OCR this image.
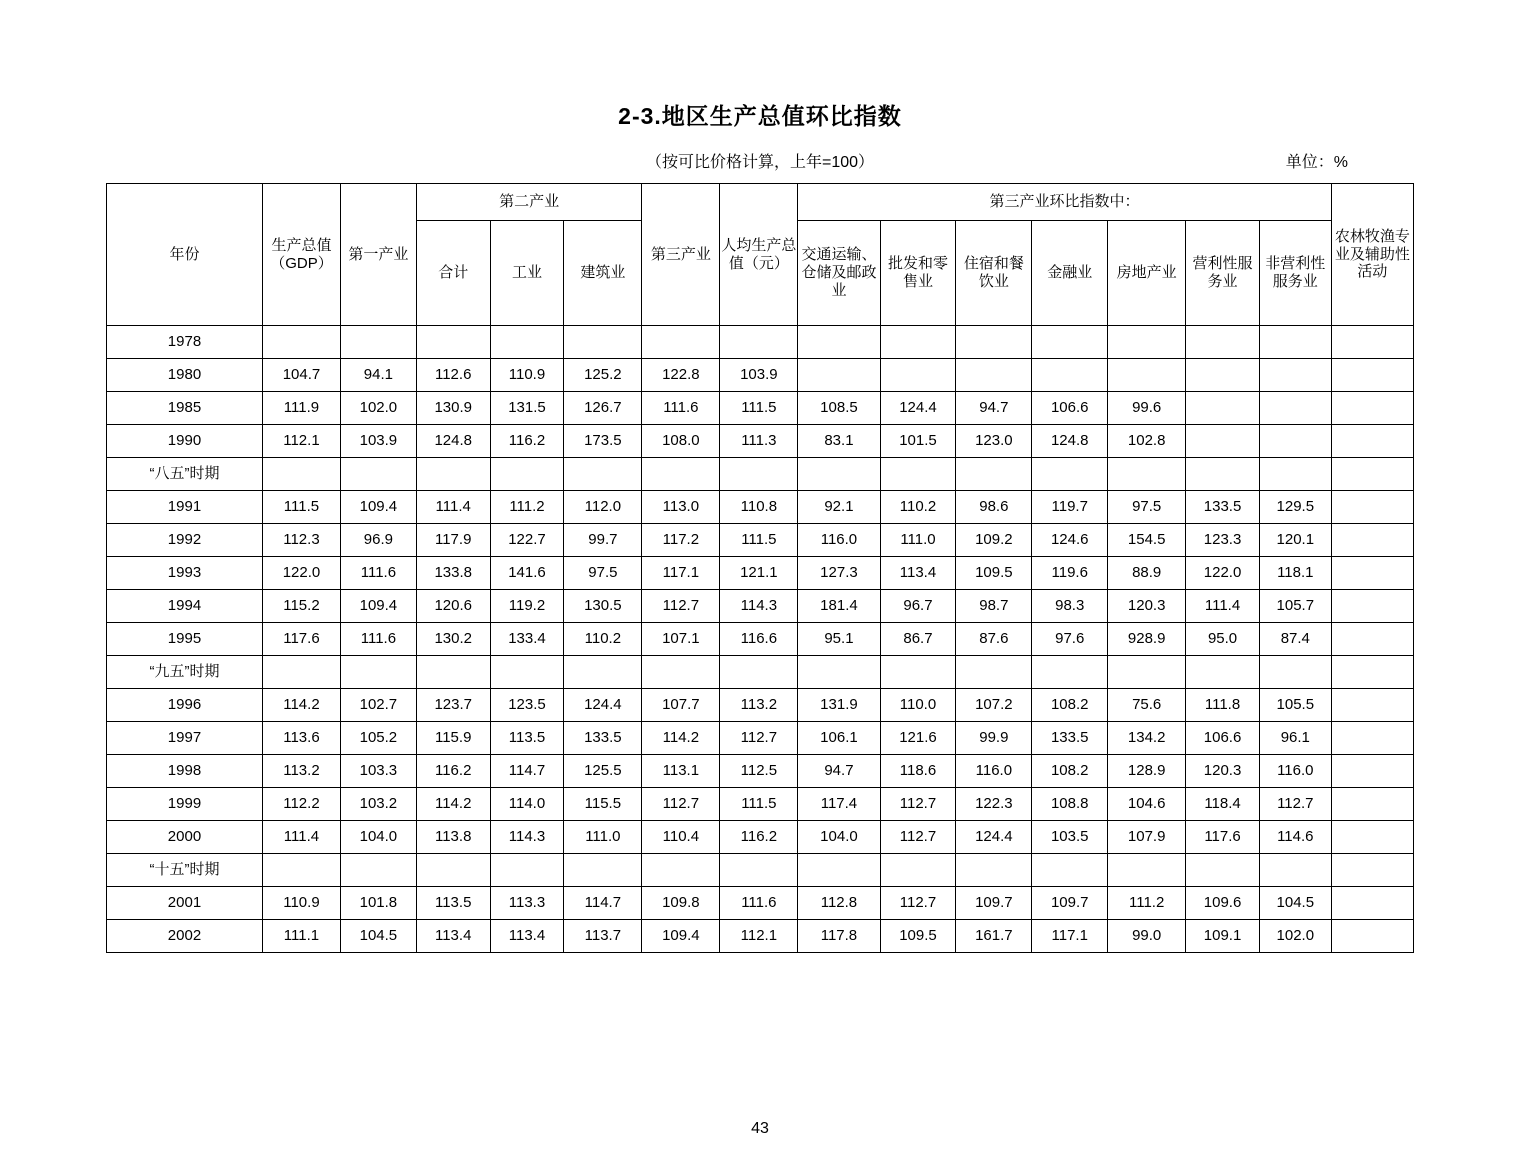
2-3.地区生产总值环比指数
（按可比价格计算，上年=100）	单位：%
年份	生产总值（GDP）	第一产业	第二产业			第三产业	人均生产总值（元）	第三产业环比指数中：							农林牧渔专业及辅助性活动
			合计	工业	建筑业			交通运输、仓储及邮政业	批发和零售业	住宿和餐饮业	金融业	房地产业	营利性服务业	非营利性服务业	
1978															
1980	104.7	94.1	112.6	110.9	125.2	122.8	103.9								
1985	111.9	102.0	130.9	131.5	126.7	111.6	111.5	108.5	124.4	94.7	106.6	99.6			
1990	112.1	103.9	124.8	116.2	173.5	108.0	111.3	83.1	101.5	123.0	124.8	102.8			
“八五”时期															
1991	111.5	109.4	111.4	111.2	112.0	113.0	110.8	92.1	110.2	98.6	119.7	97.5	133.5	129.5	
1992	112.3	96.9	117.9	122.7	99.7	117.2	111.5	116.0	111.0	109.2	124.6	154.5	123.3	120.1	
1993	122.0	111.6	133.8	141.6	97.5	117.1	121.1	127.3	113.4	109.5	119.6	88.9	122.0	118.1	
1994	115.2	109.4	120.6	119.2	130.5	112.7	114.3	181.4	96.7	98.7	98.3	120.3	111.4	105.7	
1995	117.6	111.6	130.2	133.4	110.2	107.1	116.6	95.1	86.7	87.6	97.6	928.9	95.0	87.4	
“九五”时期															
1996	114.2	102.7	123.7	123.5	124.4	107.7	113.2	131.9	110.0	107.2	108.2	75.6	111.8	105.5	
1997	113.6	105.2	115.9	113.5	133.5	114.2	112.7	106.1	121.6	99.9	133.5	134.2	106.6	96.1	
1998	113.2	103.3	116.2	114.7	125.5	113.1	112.5	94.7	118.6	116.0	108.2	128.9	120.3	116.0	
1999	112.2	103.2	114.2	114.0	115.5	112.7	111.5	117.4	112.7	122.3	108.8	104.6	118.4	112.7	
2000	111.4	104.0	113.8	114.3	111.0	110.4	116.2	104.0	112.7	124.4	103.5	107.9	117.6	114.6	
“十五”时期															
2001	110.9	101.8	113.5	113.3	114.7	109.8	111.6	112.8	112.7	109.7	109.7	111.2	109.6	104.5	
2002	111.1	104.5	113.4	113.4	113.7	109.4	112.1	117.8	109.5	161.7	117.1	99.0	109.1	102.0	
43
